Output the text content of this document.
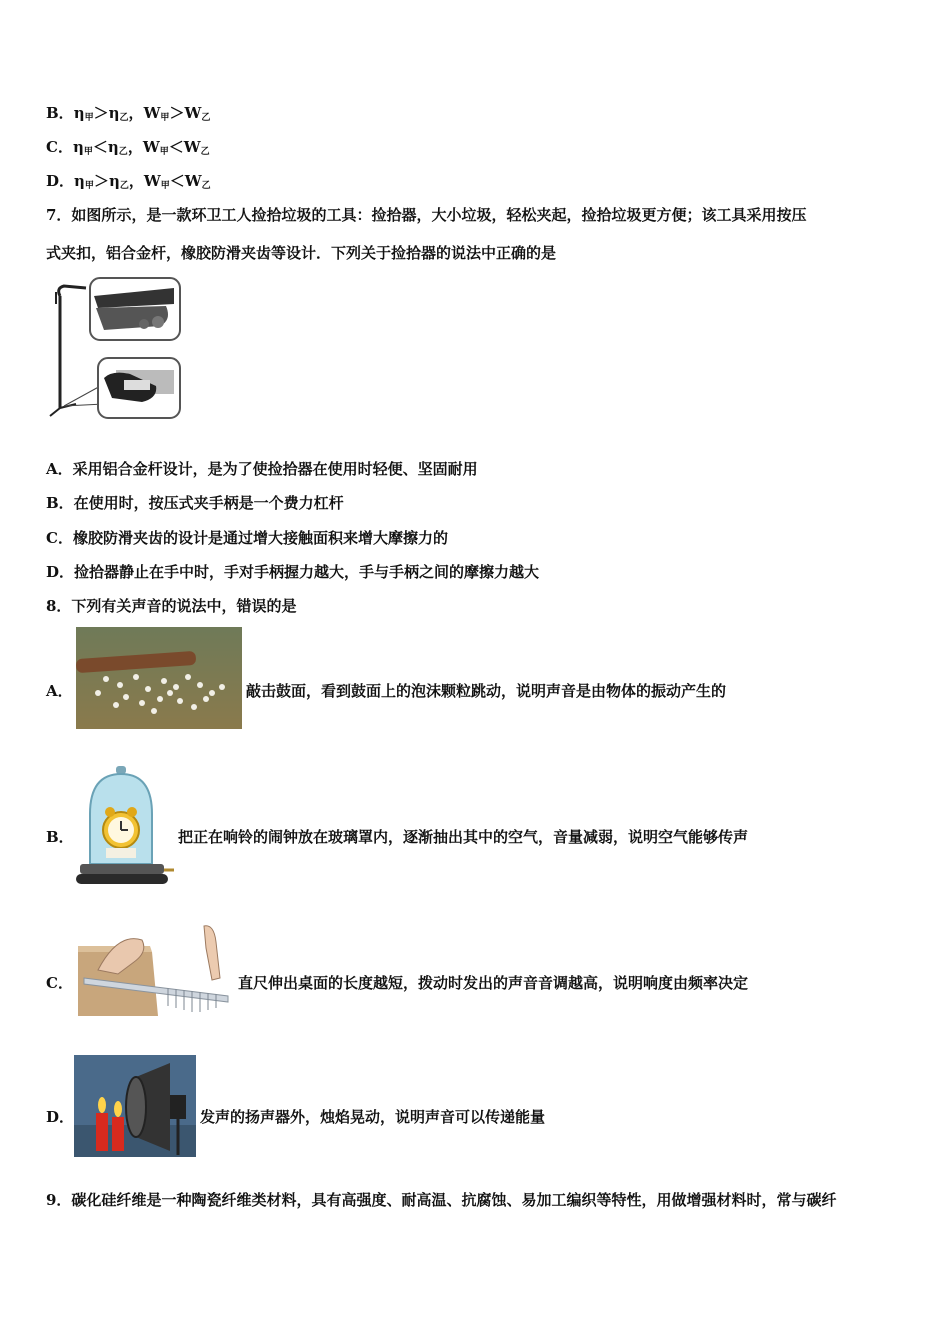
B．$\eta_甲>\eta_乙$，$W_甲>W_乙$
C．$\eta_甲<\eta_乙$，$W_甲<W_乙$
D．$\eta_甲>\eta_乙$，$W_甲<W_乙$
7．如图所示，是一款环卫工人捡拾垃圾的工具：捡拾器，大小垃圾，轻松夹起，捡拾垃圾更方便；该工具采用按压
式夹扣，铝合金杆，橡胶防滑夹齿等设计．下列关于捡拾器的说法中正确的是
A．采用铝合金杆设计，是为了使捡拾器在使用时轻便、坚固耐用
B．在使用时，按压式夹手柄是一个费力杠杆
C．橡胶防滑夹齿的设计是通过增大接触面积来增大摩擦力的
D．捡拾器静止在手中时，手对手柄握力越大，手与手柄之间的摩擦力越大
8．下列有关声音的说法中，错误的是
A．	敲击鼓面，看到鼓面上的泡沫颗粒跳动，说明声音是由物体的振动产生的
B．	把正在响铃的闹钟放在玻璃罩内，逐渐抽出其中的空气，音量减弱，说明空气能够传声
C．	直尺伸出桌面的长度越短，拨动时发出的声音音调越高，说明响度由频率决定
D．	发声的扬声器外，烛焰晃动，说明声音可以传递能量
9．碳化硅纤维是一种陶瓷纤维类材料，具有高强度、耐高温、抗腐蚀、易加工编织等特性，用做增强材料时，常与碳纤
